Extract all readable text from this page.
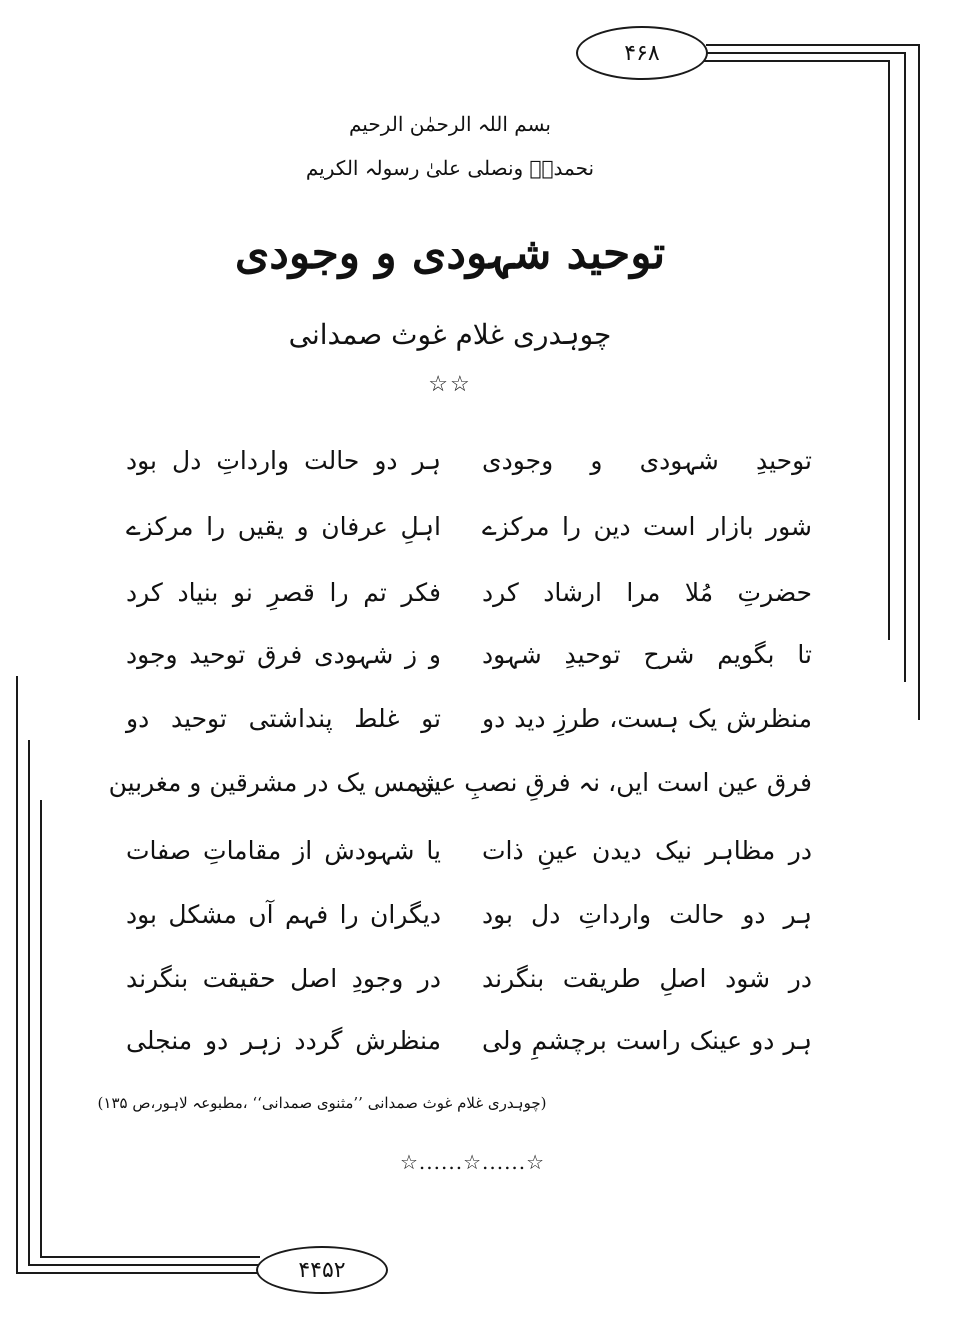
۴۶۸
۴۴۵۲
بسم اللہ الرحمٰن الرحیم
نحمدہٗ ونصلی علیٰ رسولہ الکریم
توحید شہودی و وجودی
چوہدری غلام غوث صمدانی
☆☆
توحیدِ شہودی و وجودی
ہر دو حالت وارداتِ دل بود
شور بازار است دین را مرکزے
اہلِ عرفان و یقیں را مرکزے
حضرتِ مُلا مرا ارشاد کرد
فکر تم را قصرِ نو بنیاد کرد
تا بگویم شرح توحیدِ شہود
و ز شہودی فرق توحید وجود
منظرش یک ہست، طرزِ دید دو
تو غلط پنداشتی توحید دو
فرق عین است ایں، نہ فرقِ نصبِ عین
شمس یک در مشرقین و مغربین
در مظاہر نیک دیدن عینِ ذات
یا شہودش از مقاماتِ صفات
ہر دو حالت وارداتِ دل بود
دیگران را فہم آں مشکل بود
در شود اصلِ طریقت بنگرند
در وجودِ اصل حقیقت بنگرند
ہر دو عینک راست برچشمِ ولی
منظرش گردد زہر دو منجلی
(چوہدری غلام غوث صمدانی ’’مثنوی صمدانی‘‘ ،مطبوعہ لاہور،ص ۱۳۵)
☆......☆......☆
